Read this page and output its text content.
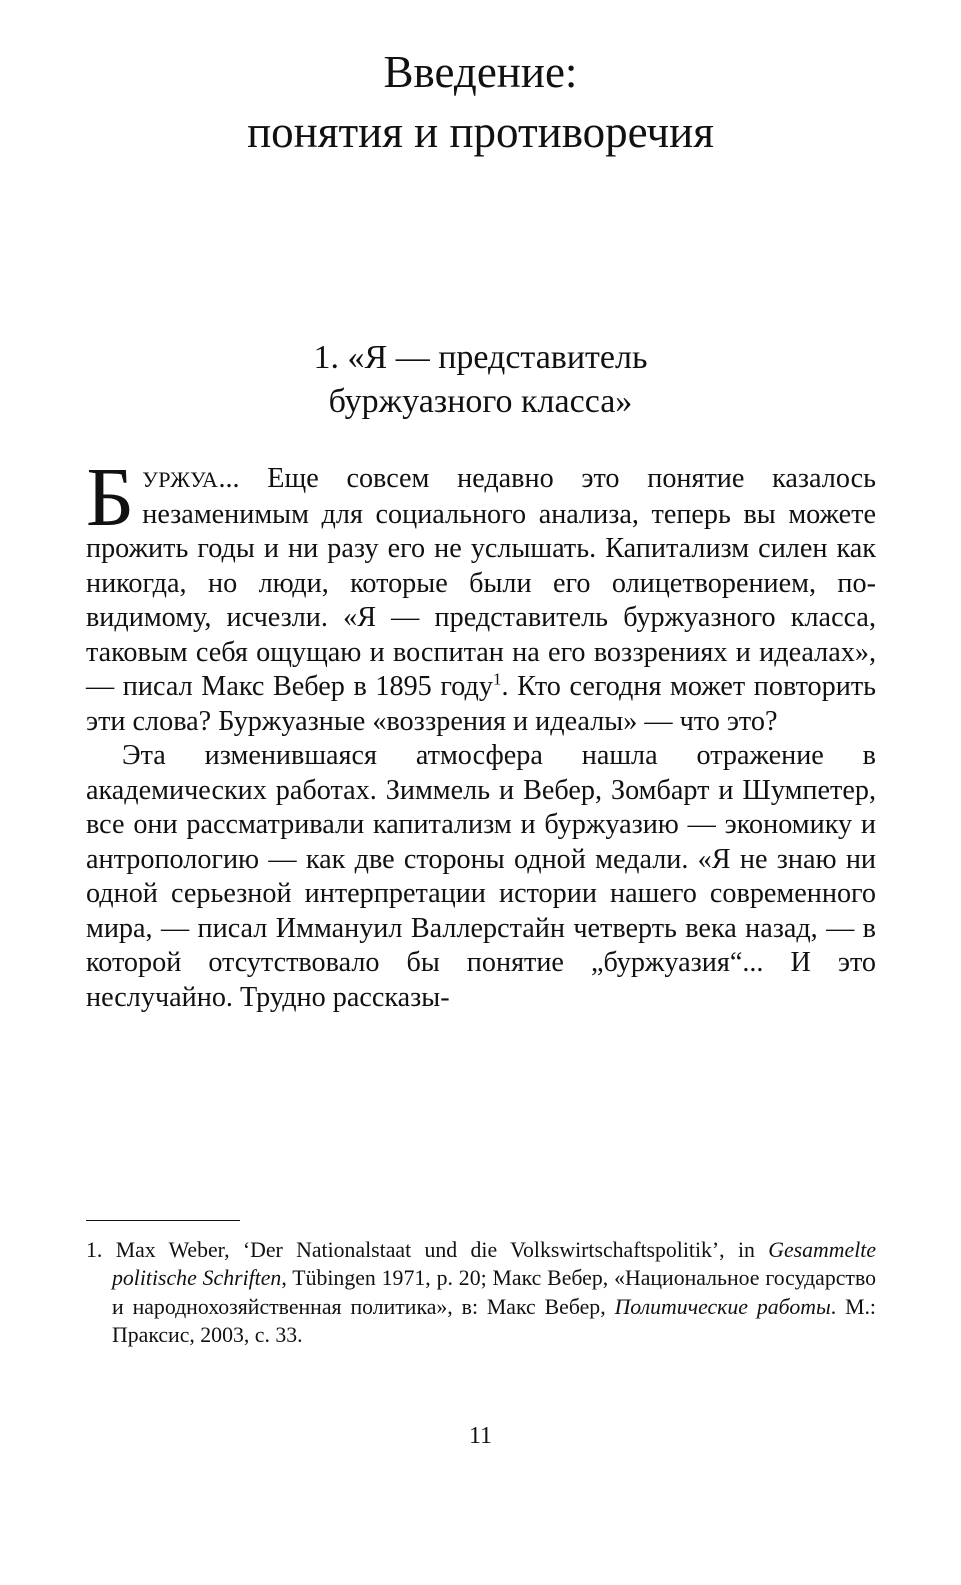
Введение:
понятия и противоречия
1. «Я — представитель
буржуазного класса»

БУРЖУА... Еще совсем недавно это понятие казалось незаменимым для социального анализа, теперь вы можете прожить годы и ни разу его не услышать. Капитализм силен как никогда, но люди, которые были его олицетворением, по-видимому, исчезли. «Я — представитель буржуазного класса, таковым себя ощущаю и воспитан на его воззрениях и идеалах», — писал Макс Вебер в 1895 году$^1$. Кто сегодня может повторить эти слова? Буржуазные «воззрения и идеалы» — что это?

Эта изменившаяся атмосфера нашла отражение в академических работах. Зиммель и Вебер, Зомбарт и Шумпетер, все они рассматривали капитализм и буржуазию — экономику и антропологию — как две стороны одной медали. «Я не знаю ни одной серьезной интерпретации истории нашего современного мира, — писал Иммануил Валлерстайн четверть века назад, — в которой отсутствовало бы понятие „буржуазия“... И это неслучайно. Трудно рассказы-

1. Max Weber, ‘Der Nationalstaat und die Volkswirtschaftspolitik’, in Gesammelte politische Schriften, Tübingen 1971, p. 20; Макс Вебер, «Национальное государство и народнохозяйственная политика», в: Макс Вебер, Политические работы. М.: Праксис, 2003, с. 33.

11
